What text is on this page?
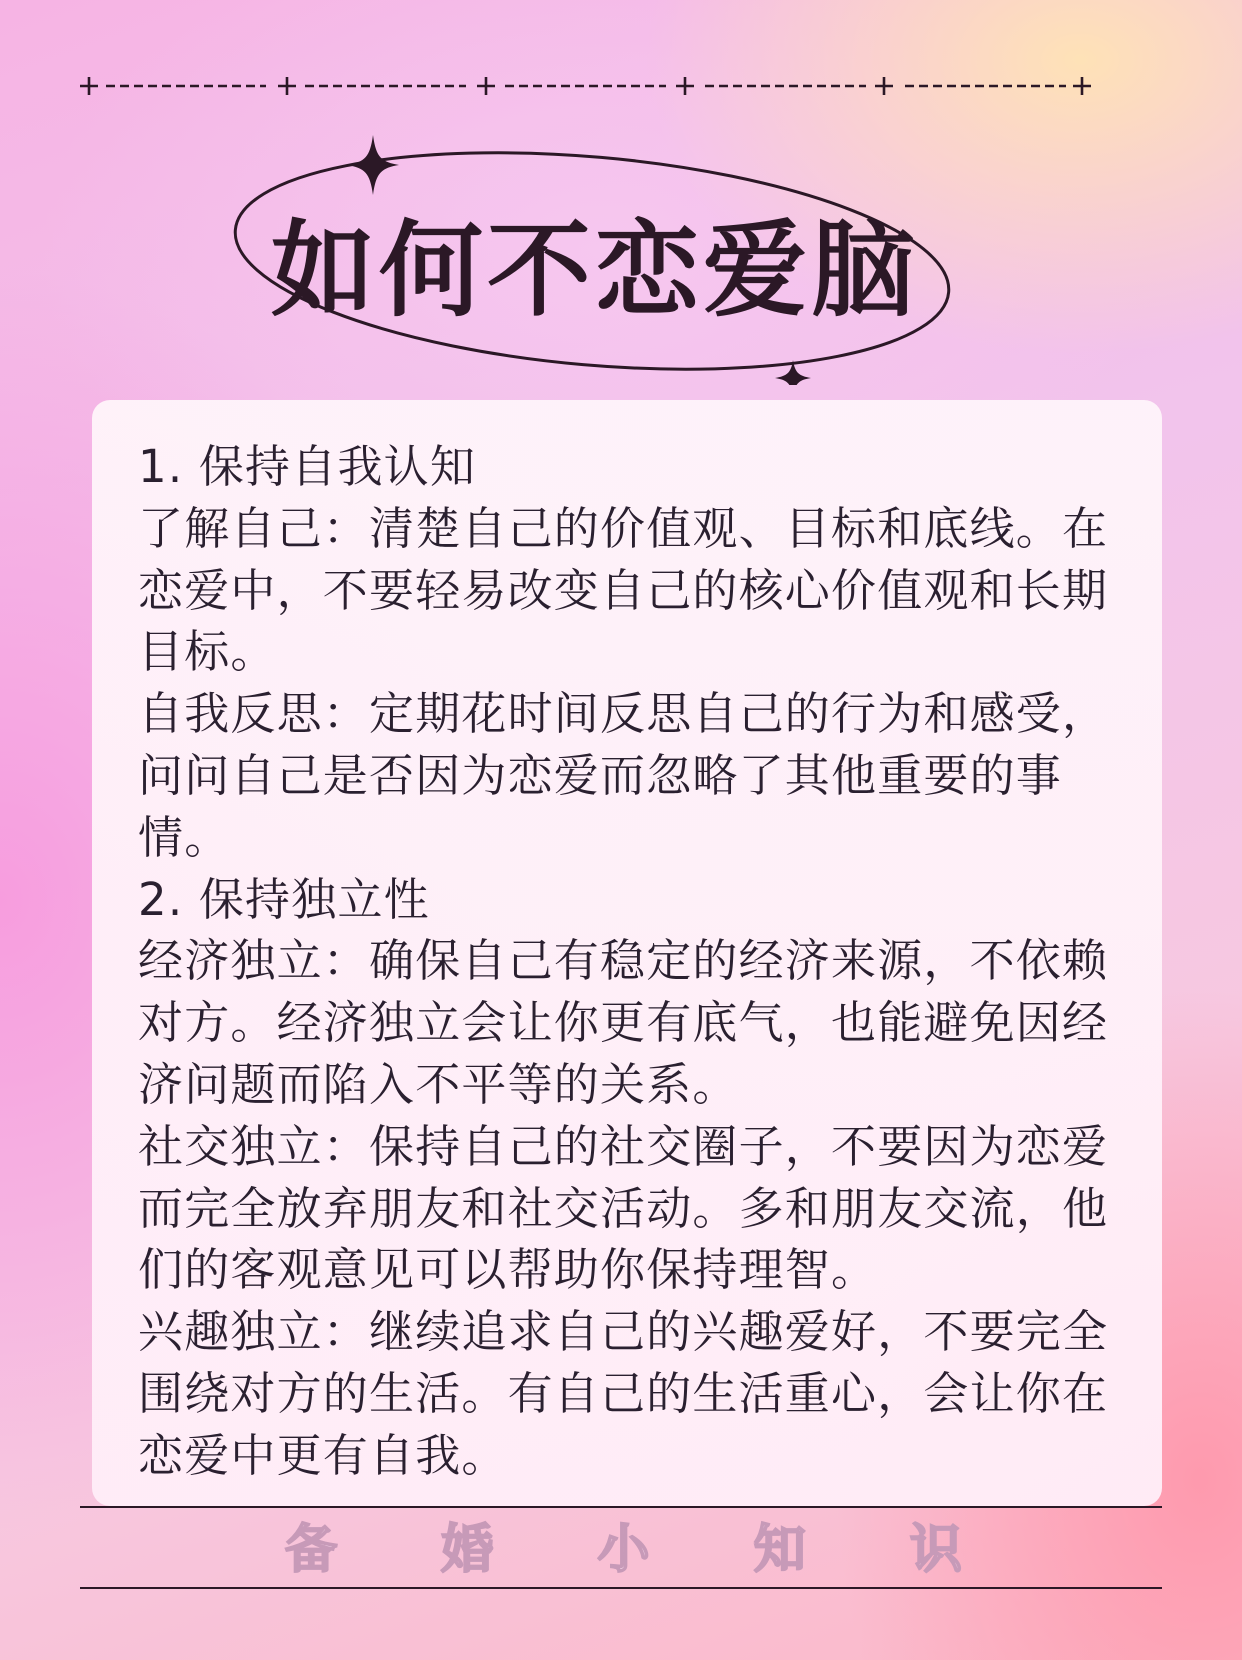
如何不恋爱脑

1. 保持自我认知

了解自己：清楚自己的价值观、目标和底线。在恋爱中，不要轻易改变自己的核心价值观和长期目标。

自我反思：定期花时间反思自己的行为和感受，问问自己是否因为恋爱而忽略了其他重要的事情。

2. 保持独立性

经济独立：确保自己有稳定的经济来源，不依赖对方。经济独立会让你更有底气，也能避免因经济问题而陷入不平等的关系。

社交独立：保持自己的社交圈子，不要因为恋爱而完全放弃朋友和社交活动。多和朋友交流，他们的客观意见可以帮助你保持理智。

兴趣独立：继续追求自己的兴趣爱好，不要完全围绕对方的生活。有自己的生活重心，会让你在恋爱中更有自我。

备 婚 小 知 识
